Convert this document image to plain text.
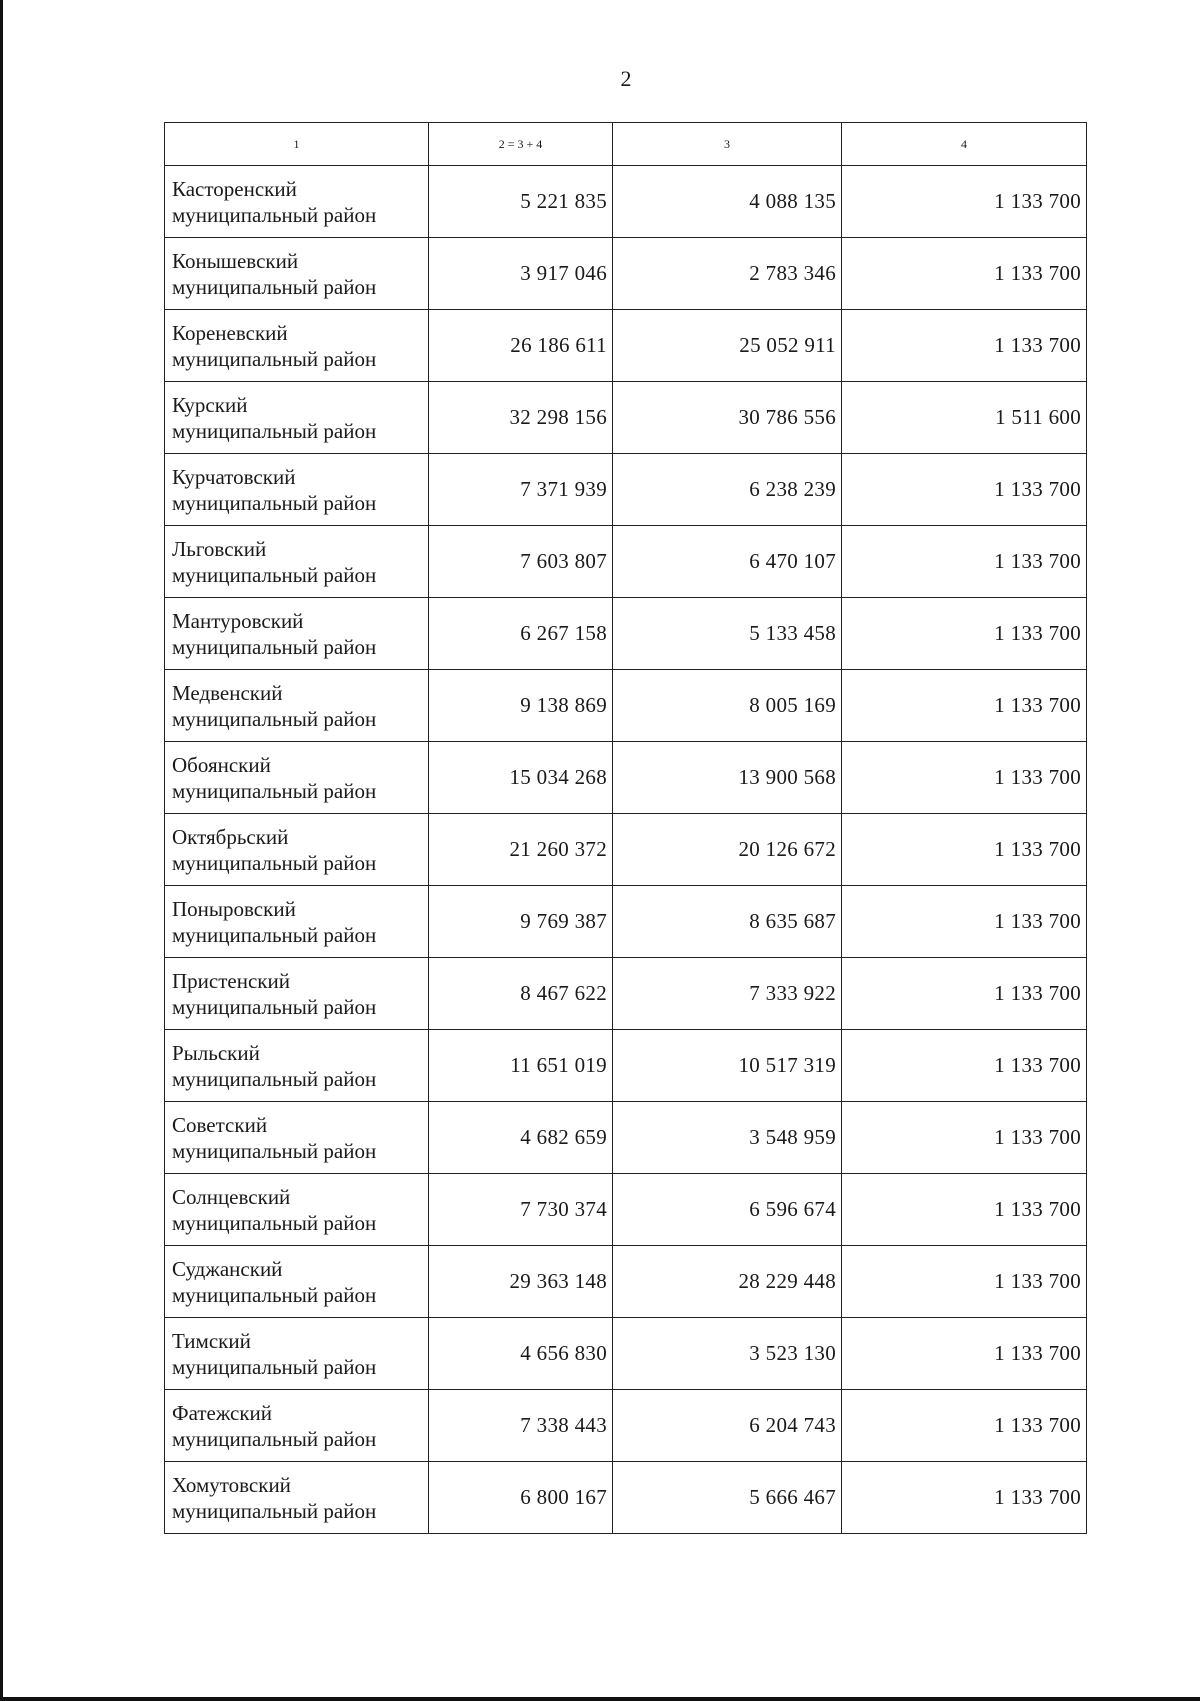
2
1	2 = 3 + 4	3	4

Касторенский
муниципальный район	5 221 835	4 088 135	1 133 700

Конышевский
муниципальный район	3 917 046	2 783 346	1 133 700

Кореневский
муниципальный район	26 186 611	25 052 911	1 133 700

Курский
муниципальный район	32 298 156	30 786 556	1 511 600

Курчатовский
муниципальный район	7 371 939	6 238 239	1 133 700

Льговский
муниципальный район	7 603 807	6 470 107	1 133 700

Мантуровский
муниципальный район	6 267 158	5 133 458	1 133 700

Медвенский
муниципальный район	9 138 869	8 005 169	1 133 700

Обоянский
муниципальный район	15 034 268	13 900 568	1 133 700

Октябрьский
муниципальный район	21 260 372	20 126 672	1 133 700

Поныровский
муниципальный район	9 769 387	8 635 687	1 133 700

Пристенский
муниципальный район	8 467 622	7 333 922	1 133 700

Рыльский
муниципальный район	11 651 019	10 517 319	1 133 700

Советский
муниципальный район	4 682 659	3 548 959	1 133 700

Солнцевский
муниципальный район	7 730 374	6 596 674	1 133 700

Суджанский
муниципальный район	29 363 148	28 229 448	1 133 700

Тимский
муниципальный район	4 656 830	3 523 130	1 133 700

Фатежский
муниципальный район	7 338 443	6 204 743	1 133 700

Хомутовский
муниципальный район	6 800 167	5 666 467	1 133 700
